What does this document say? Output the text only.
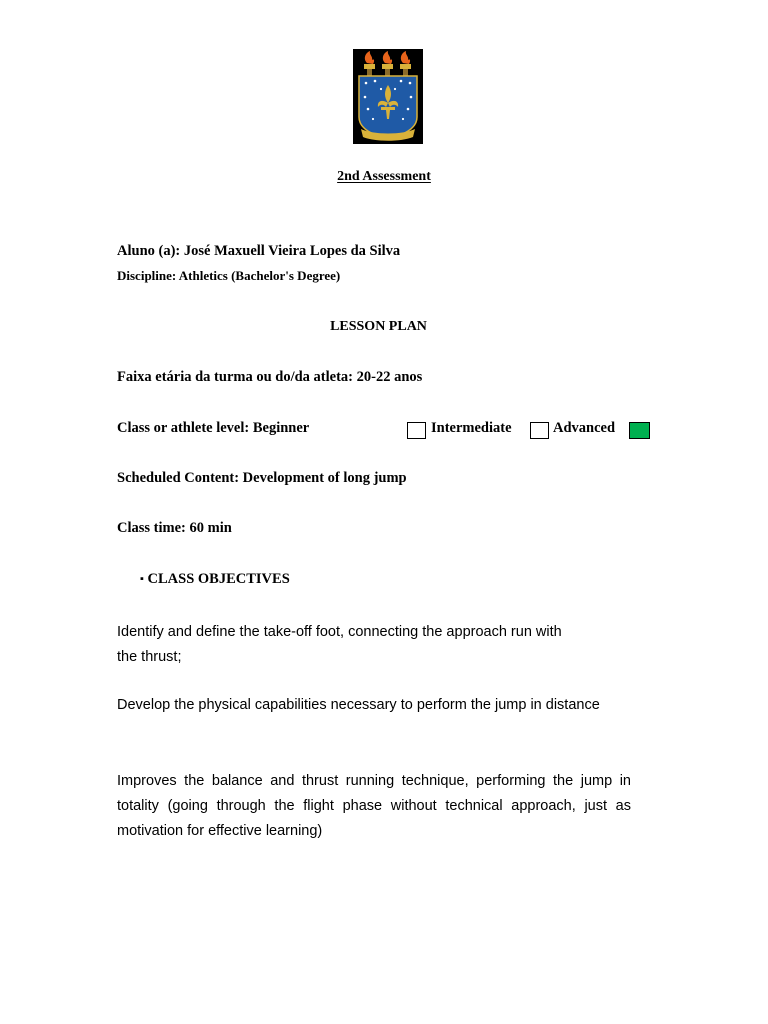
2nd Assessment
Aluno (a): José Maxuell Vieira Lopes da Silva
Discipline: Athletics (Bachelor's Degree)
LESSON PLAN
Faixa etária da turma ou do/da atleta: 20-22 anos
Class or athlete level: Beginner	Intermediate	Advanced
Scheduled Content: Development of long jump
Class time: 60 min
▪ CLASS OBJECTIVES
Identify and define the take-off foot, connecting the approach run with
the thrust;
Develop the physical capabilities necessary to perform the jump in distance
Improves the balance and thrust running technique, performing the jump in totality (going through the flight phase without technical approach, just as motivation for effective learning)
